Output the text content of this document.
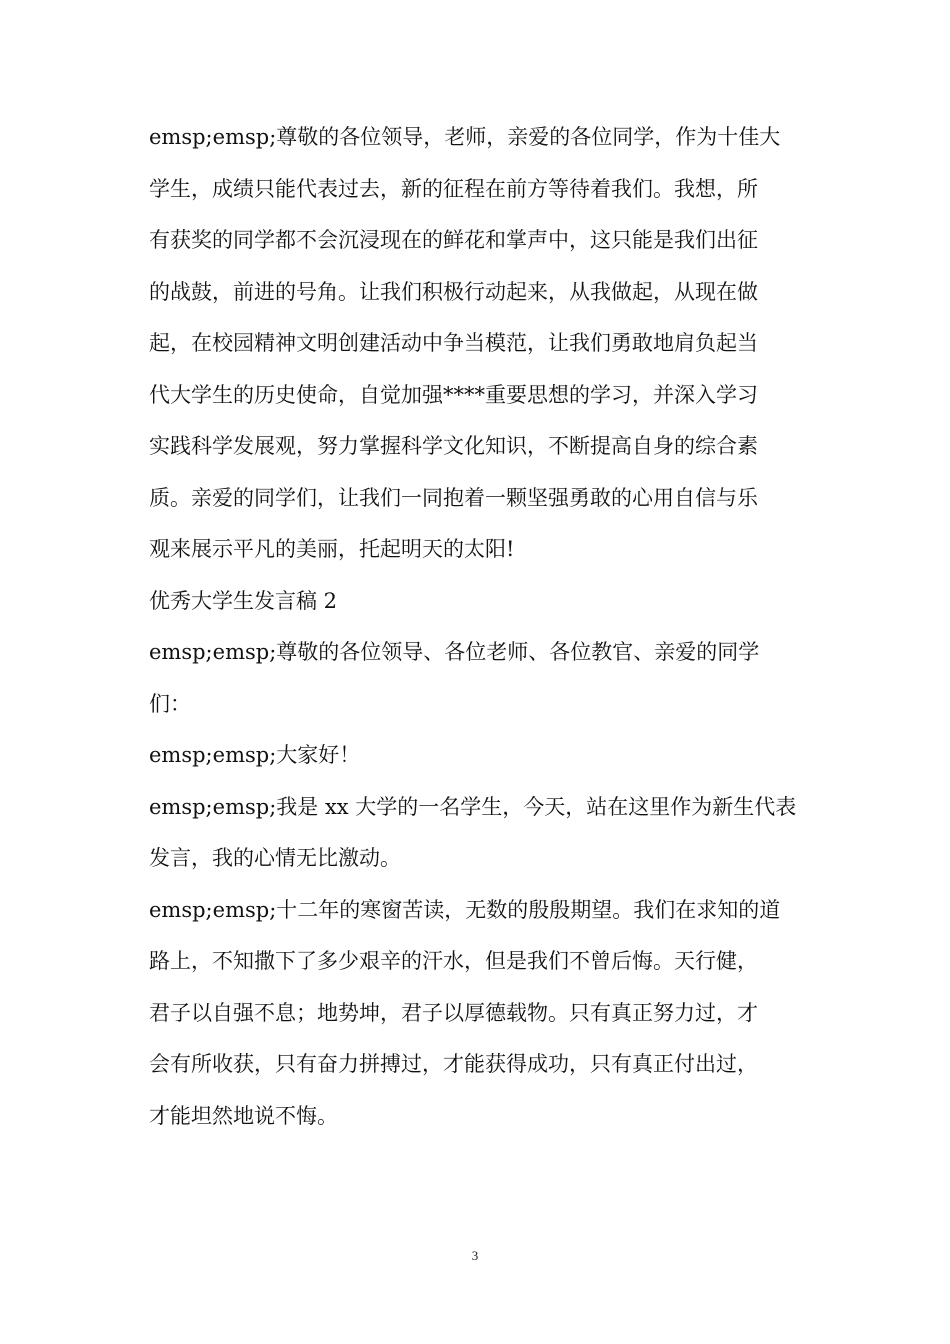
emsp;emsp;尊敬的各位领导，老师，亲爱的各位同学，作为十佳大
学生，成绩只能代表过去，新的征程在前方等待着我们。我想，所
有获奖的同学都不会沉浸现在的鲜花和掌声中，这只能是我们出征
的战鼓，前进的号角。让我们积极行动起来，从我做起，从现在做
起，在校园精神文明创建活动中争当模范，让我们勇敢地肩负起当
代大学生的历史使命，自觉加强****重要思想的学习，并深入学习
实践科学发展观，努力掌握科学文化知识，不断提高自身的综合素
质。亲爱的同学们，让我们一同抱着一颗坚强勇敢的心用自信与乐
观来展示平凡的美丽，托起明天的太阳!
优秀大学生发言稿 2
emsp;emsp;尊敬的各位领导、各位老师、各位教官、亲爱的同学
们：
emsp;emsp;大家好！
emsp;emsp;我是 xx 大学的一名学生，今天，站在这里作为新生代表
发言，我的心情无比激动。
emsp;emsp;十二年的寒窗苦读，无数的殷殷期望。我们在求知的道
路上，不知撒下了多少艰辛的汗水，但是我们不曾后悔。天行健，
君子以自强不息；地势坤，君子以厚德载物。只有真正努力过，才
会有所收获，只有奋力拼搏过，才能获得成功，只有真正付出过，
才能坦然地说不悔。
3
